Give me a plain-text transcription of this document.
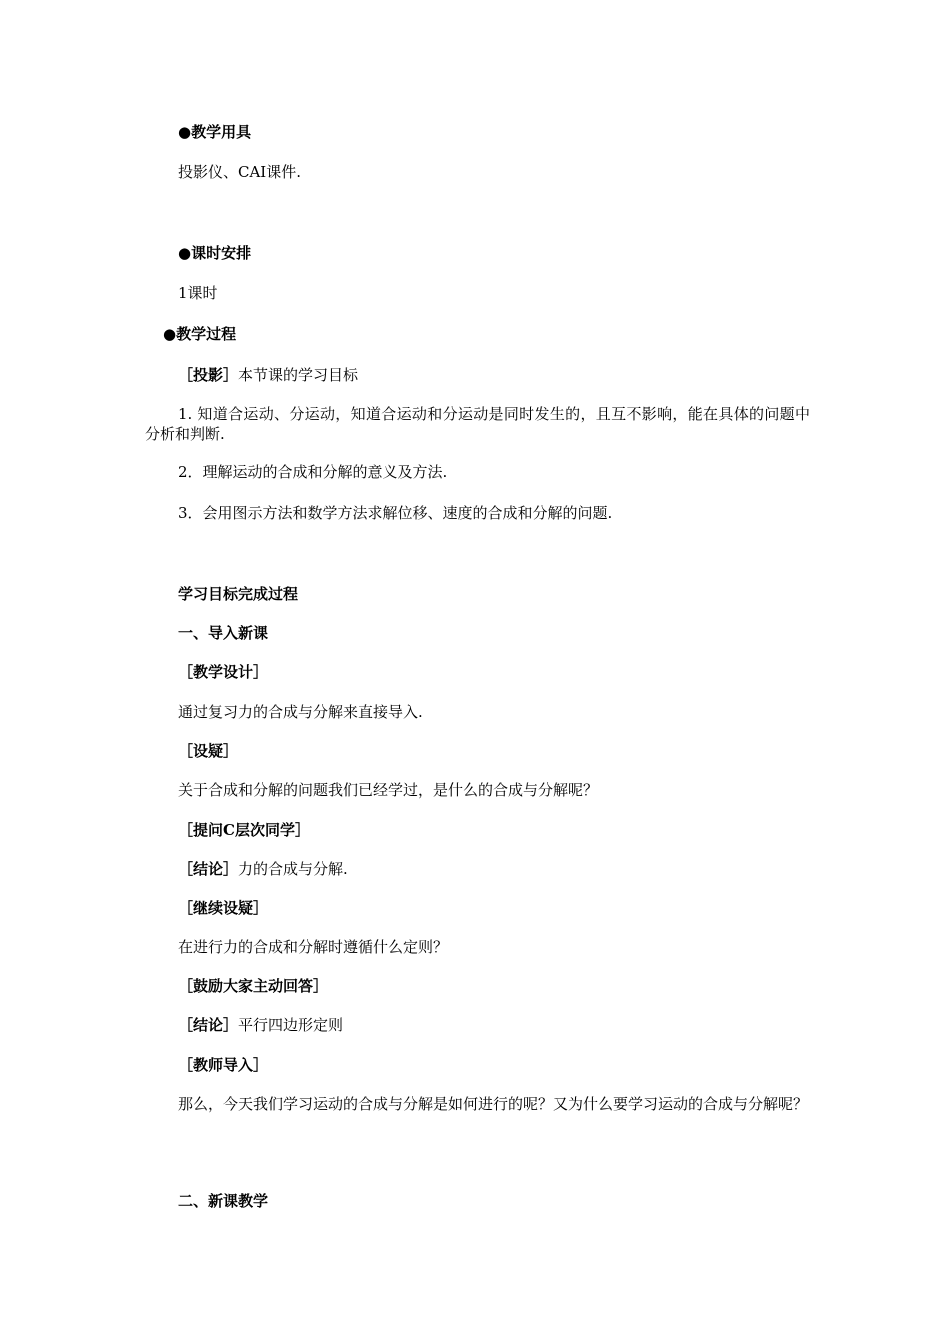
●教学用具
投影仪、CAI课件.
●课时安排
1课时
●教学过程
［投影］本节课的学习目标
1. 知道合运动、分运动，知道合运动和分运动是同时发生的，且互不影响，能在具体的问题中分析和判断.
2．理解运动的合成和分解的意义及方法.
3．会用图示方法和数学方法求解位移、速度的合成和分解的问题.
学习目标完成过程
一、导入新课
［教学设计］
通过复习力的合成与分解来直接导入.
［设疑］
关于合成和分解的问题我们已经学过，是什么的合成与分解呢？
［提问C层次同学］
［结论］力的合成与分解.
［继续设疑］
在进行力的合成和分解时遵循什么定则？
［鼓励大家主动回答］
［结论］平行四边形定则
［教师导入］
那么，今天我们学习运动的合成与分解是如何进行的呢？又为什么要学习运动的合成与分解呢？
二、新课教学
